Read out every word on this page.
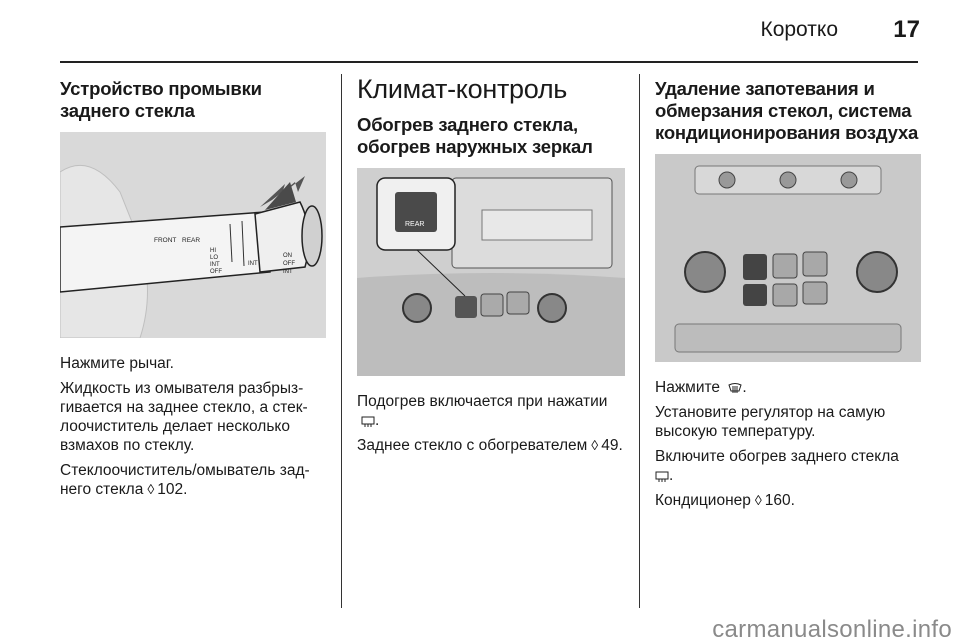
Коротко 17
Устройство промывки заднего стекла
FRONT REAR
HI
LO
INT
OFF
INT
ON
OFF
INT
Нажмите рычаг.
Жидкость из омывателя разбрыз-гивается на заднее стекло, а стек-лоочиститель делает несколько взмахов по стеклу.
Стеклоочиститель/омыватель зад-него стекла ◊ 102.
Климат-контроль
Обогрев заднего стекла, обогрев наружных зеркал
REAR
Подогрев включается при нажатии .
Заднее стекло с обогревателем ◊ 49.
Удаление запотевания и обмерзания стекол, система кондиционирования воздуха
Нажмите .
Установите регулятор на самую высокую температуру.
Включите обогрев заднего стекла
.
Кондиционер ◊ 160.
carmanualsonline.info
